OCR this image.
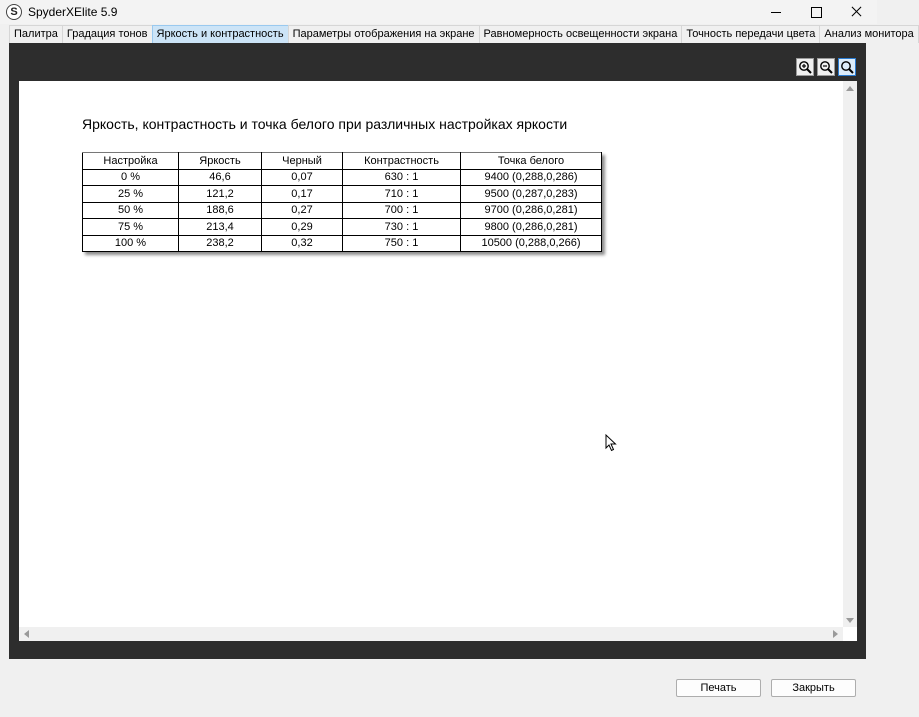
S SpyderXElite 5.9
Палитра Градация тонов Яркость и контрастность Параметры отображения на экране Равномерность освещенности экрана Точность передачи цвета Анализ монитора
Яркость, контрастность и точка белого при различных настройках яркости
Настройка	Яркость	Черный	Контрастность	Точка белого
0 %	46,6	0,07	630 : 1	9400 (0,288,0,286)
25 %	121,2	0,17	710 : 1	9500 (0,287,0,283)
50 %	188,6	0,27	700 : 1	9700 (0,286,0,281)
75 %	213,4	0,29	730 : 1	9800 (0,286,0,281)
100 %	238,2	0,32	750 : 1	10500 (0,288,0,266)
Печать	Закрыть
